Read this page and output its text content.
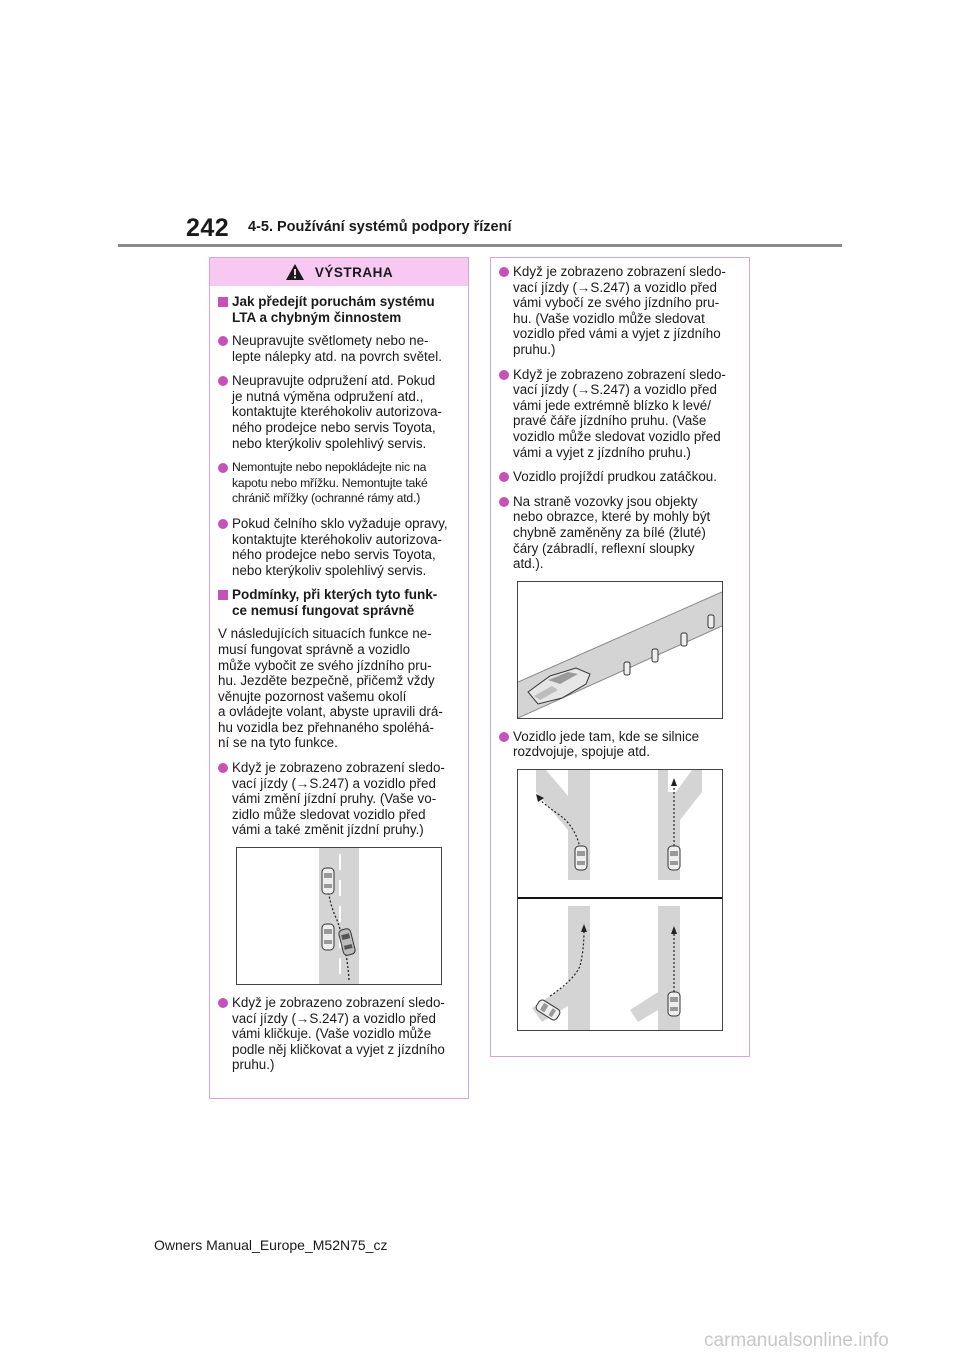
242 4-5. Používání systémů podpory řízení
VÝSTRAHA
Jak předejít poruchám systému
LTA a chybným činnostem
Neupravujte světlomety nebo ne-
lepte nálepky atd. na povrch světel.
Neupravujte odpružení atd. Pokud
je nutná výměna odpružení atd.,
kontaktujte kteréhokoliv autorizova-
ného prodejce nebo servis Toyota,
nebo kterýkoliv spolehlivý servis.
Nemontujte nebo nepokládejte nic na
kapotu nebo mřížku. Nemontujte také
chránič mřížky (ochranné rámy atd.)
Pokud čelního sklo vyžaduje opravy,
kontaktujte kteréhokoliv autorizova-
ného prodejce nebo servis Toyota,
nebo kterýkoliv spolehlivý servis.
Podmínky, při kterých tyto funk-
ce nemusí fungovat správně
V následujících situacích funkce ne-
musí fungovat správně a vozidlo
může vybočit ze svého jízdního pru-
hu. Jezděte bezpečně, přičemž vždy
věnujte pozornost vašemu okolí
a ovládejte volant, abyste upravili drá-
hu vozidla bez přehnaného spoléhá-
ní se na tyto funkce.
Když je zobrazeno zobrazení sledo-
vací jízdy (→S.247) a vozidlo před
vámi změní jízdní pruhy. (Vaše vo-
zidlo může sledovat vozidlo před
vámi a také změnit jízdní pruhy.)
Když je zobrazeno zobrazení sledo-
vací jízdy (→S.247) a vozidlo před
vámi kličkuje. (Vaše vozidlo může
podle něj kličkovat a vyjet z jízdního
pruhu.)
Když je zobrazeno zobrazení sledo-
vací jízdy (→S.247) a vozidlo před
vámi vybočí ze svého jízdního pru-
hu. (Vaše vozidlo může sledovat
vozidlo před vámi a vyjet z jízdního
pruhu.)
Když je zobrazeno zobrazení sledo-
vací jízdy (→S.247) a vozidlo před
vámi jede extrémně blízko k levé/
pravé čáře jízdního pruhu. (Vaše
vozidlo může sledovat vozidlo před
vámi a vyjet z jízdního pruhu.)
Vozidlo projíždí prudkou zatáčkou.
Na straně vozovky jsou objekty
nebo obrazce, které by mohly být
chybně zaměněny za bílé (žluté)
čáry (zábradlí, reflexní sloupky
atd.).
Vozidlo jede tam, kde se silnice
rozdvojuje, spojuje atd.
Owners Manual_Europe_M52N75_cz
carmanualsonline.info
